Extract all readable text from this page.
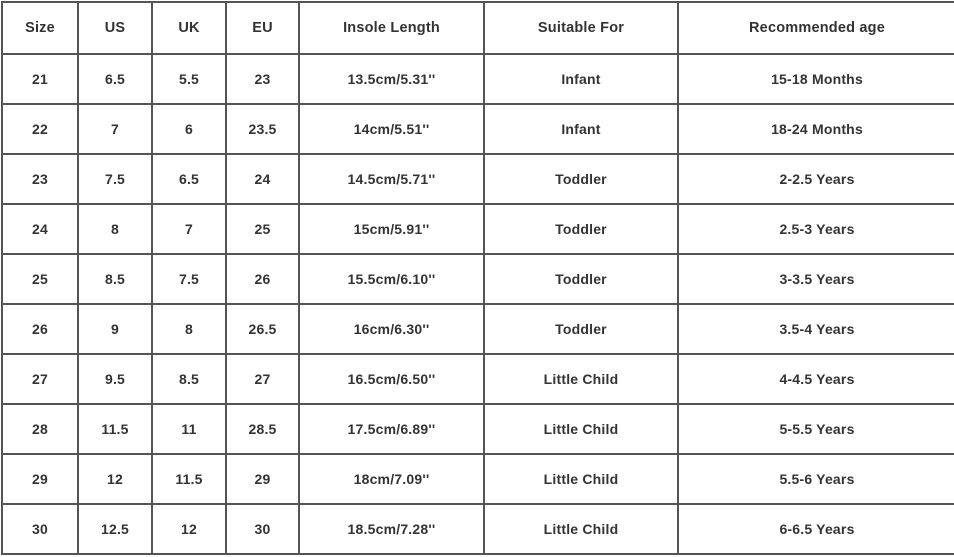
Size	US	UK	EU	Insole Length	Suitable For	Recommended age
21	6.5	5.5	23	13.5cm/5.31''	Infant	15-18 Months
22	7	6	23.5	14cm/5.51''	Infant	18-24 Months
23	7.5	6.5	24	14.5cm/5.71''	Toddler	2-2.5 Years
24	8	7	25	15cm/5.91''	Toddler	2.5-3 Years
25	8.5	7.5	26	15.5cm/6.10''	Toddler	3-3.5 Years
26	9	8	26.5	16cm/6.30''	Toddler	3.5-4 Years
27	9.5	8.5	27	16.5cm/6.50''	Little Child	4-4.5 Years
28	11.5	11	28.5	17.5cm/6.89''	Little Child	5-5.5 Years
29	12	11.5	29	18cm/7.09''	Little Child	5.5-6 Years
30	12.5	12	30	18.5cm/7.28''	Little Child	6-6.5 Years
